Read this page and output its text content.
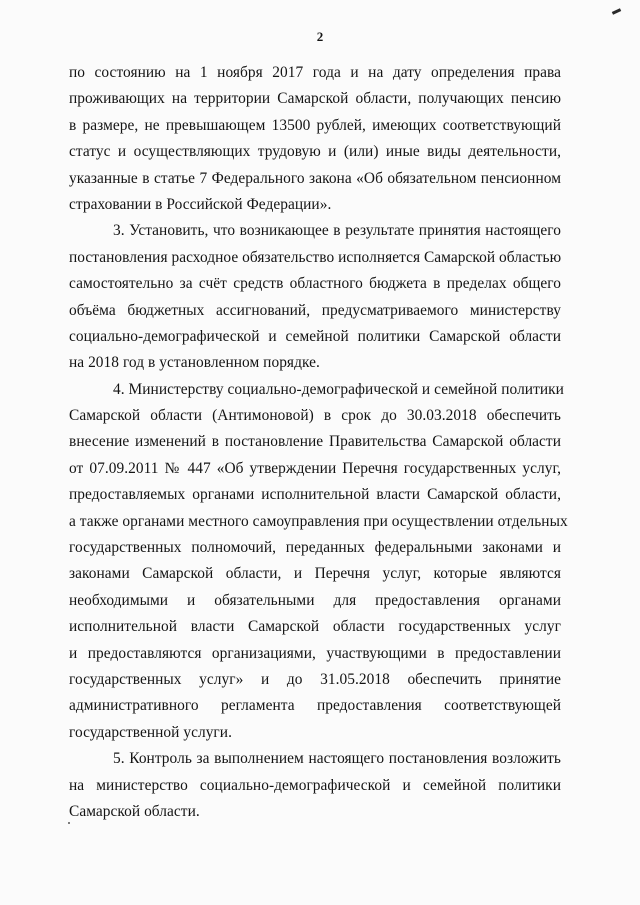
2
по состоянию на 1 ноября 2017 года и на дату определения права
проживающих на территории Самарской области, получающих пенсию
в размере, не превышающем 13500 рублей, имеющих соответствующий
статус и осуществляющих трудовую и (или) иные виды деятельности,
указанные в статье 7 Федерального закона «Об обязательном пенсионном
страховании в Российской Федерации».
3. Установить, что возникающее в результате принятия настоящего
постановления расходное обязательство исполняется Самарской областью
самостоятельно за счёт средств областного бюджета в пределах общего
объёма бюджетных ассигнований, предусматриваемого министерству
социально-демографической и семейной политики Самарской области
на 2018 год в установленном порядке.
4. Министерству социально-демографической и семейной политики
Самарской области (Антимоновой) в срок до 30.03.2018 обеспечить
внесение изменений в постановление Правительства Самарской области
от 07.09.2011 № 447 «Об утверждении Перечня государственных услуг,
предоставляемых органами исполнительной власти Самарской области,
а также органами местного самоуправления при осуществлении отдельных
государственных полномочий, переданных федеральными законами и
законами Самарской области, и Перечня услуг, которые являются
необходимыми и обязательными для предоставления органами
исполнительной власти Самарской области государственных услуг
и предоставляются организациями, участвующими в предоставлении
государственных услуг» и до 31.05.2018 обеспечить принятие
административного регламента предоставления соответствующей
государственной услуги.
5. Контроль за выполнением настоящего постановления возложить
на министерство социально-демографической и семейной политики
Самарской области.
